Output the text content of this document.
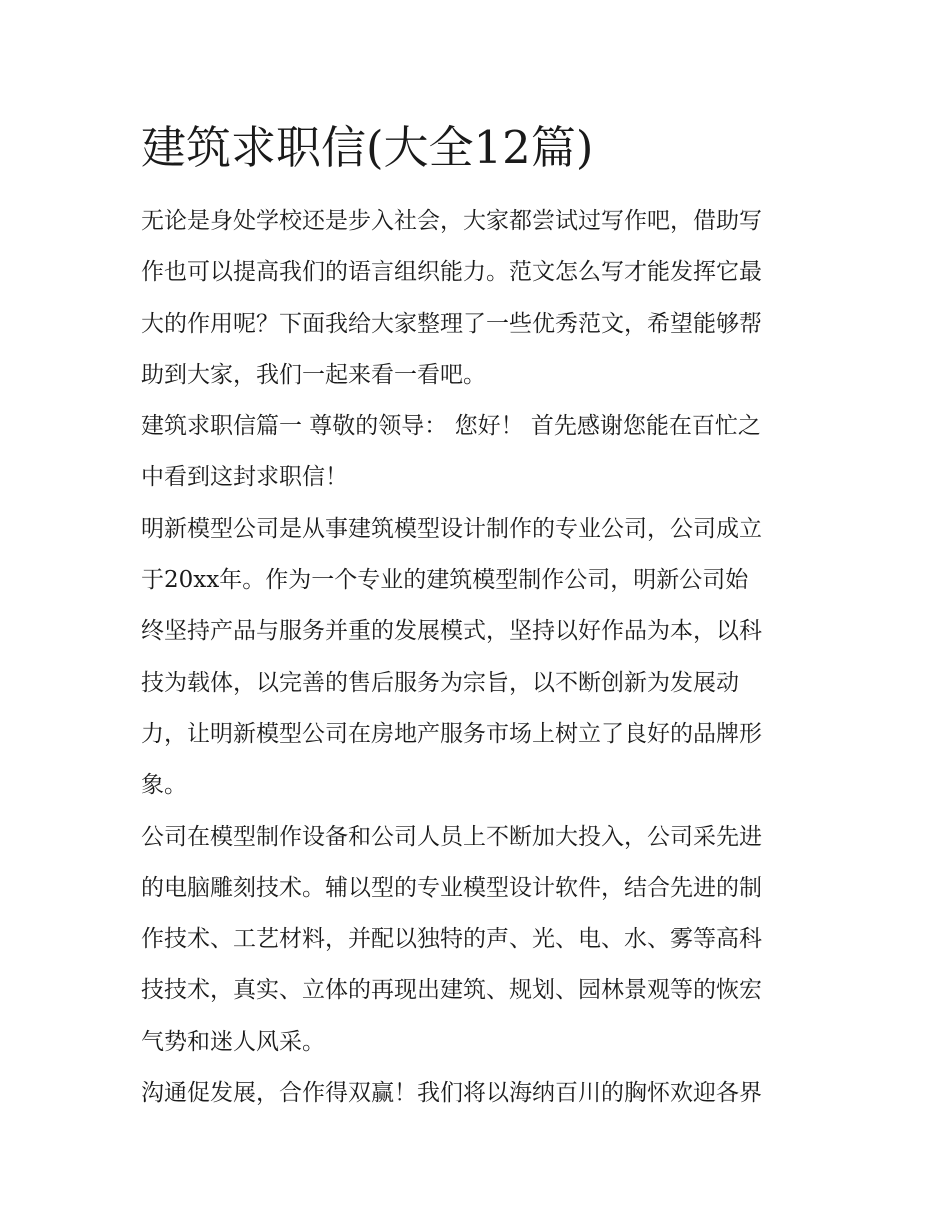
建筑求职信(大全12篇)
无论是身处学校还是步入社会，大家都尝试过写作吧，借助写
作也可以提高我们的语言组织能力。范文怎么写才能发挥它最
大的作用呢？下面我给大家整理了一些优秀范文，希望能够帮
助到大家，我们一起来看一看吧。
建筑求职信篇一 尊敬的领导： 您好！ 首先感谢您能在百忙之
中看到这封求职信！
明新模型公司是从事建筑模型设计制作的专业公司，公司成立
于20xx年。作为一个专业的建筑模型制作公司，明新公司始
终坚持产品与服务并重的发展模式，坚持以好作品为本，以科
技为载体，以完善的售后服务为宗旨，以不断创新为发展动
力，让明新模型公司在房地产服务市场上树立了良好的品牌形
象。
公司在模型制作设备和公司人员上不断加大投入，公司采先进
的电脑雕刻技术。辅以型的专业模型设计软件，结合先进的制
作技术、工艺材料，并配以独特的声、光、电、水、雾等高科
技技术，真实、立体的再现出建筑、规划、园林景观等的恢宏
气势和迷人风采。
沟通促发展，合作得双赢！我们将以海纳百川的胸怀欢迎各界
